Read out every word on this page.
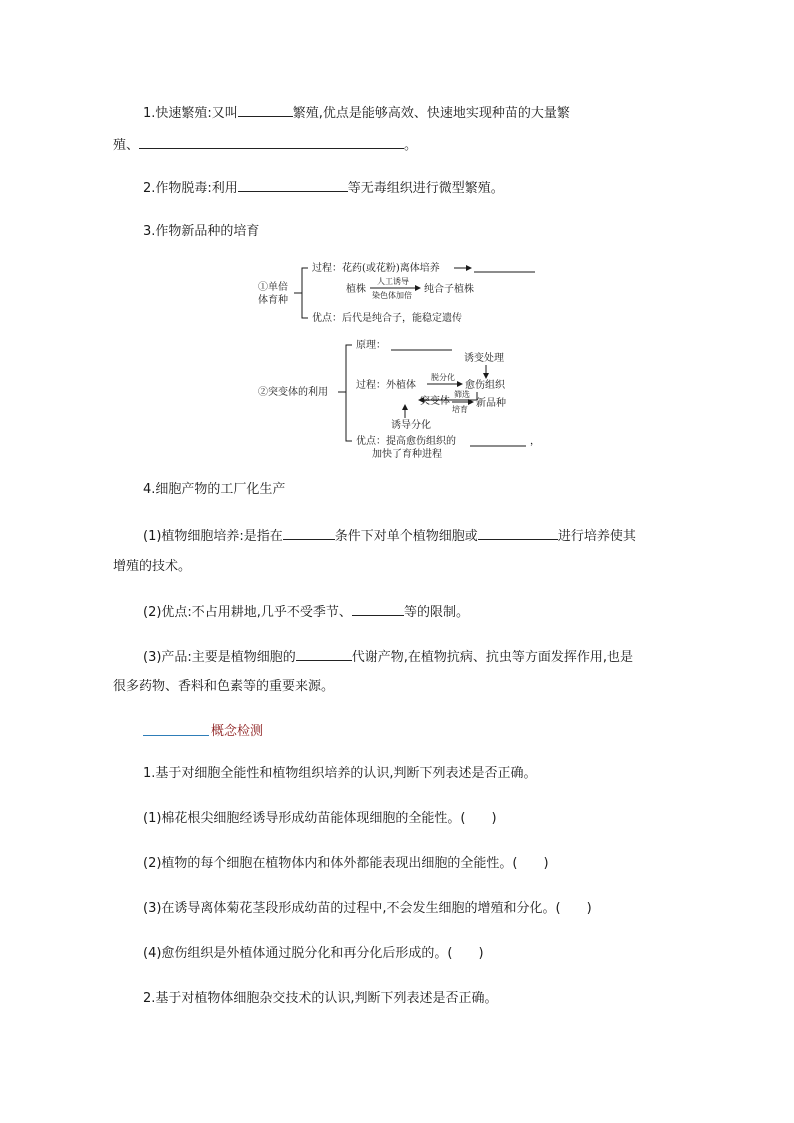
1.快速繁殖:又叫	繁殖,优点是能够高效、快速地实现种苗的大量繁
殖、	。
2.作物脱毒:利用	等无毒组织进行微型繁殖。
3.作物新品种的培育
①单倍
体育种
过程：花药(或花粉)离体培养
植株
人工诱导
染色体加倍
纯合子植株
优点：后代是纯合子，能稳定遗传
②突变体的利用
原理：
诱变处理
过程：外植体
脱分化
愈伤组织
突变体
筛选
培育
新品种
诱导分化
优点：提高愈伤组织的	，
加快了育种进程
4.细胞产物的工厂化生产
(1)植物细胞培养:是指在	条件下对单个植物细胞或	进行培养使其
增殖的技术。
(2)优点:不占用耕地,几乎不受季节、	等的限制。
(3)产品:主要是植物细胞的	代谢产物,在植物抗病、抗虫等方面发挥作用,也是
很多药物、香料和色素等的重要来源。
概念检测
1.基于对细胞全能性和植物组织培养的认识,判断下列表述是否正确。
(1)棉花根尖细胞经诱导形成幼苗能体现细胞的全能性。(　　)
(2)植物的每个细胞在植物体内和体外都能表现出细胞的全能性。(　　)
(3)在诱导离体菊花茎段形成幼苗的过程中,不会发生细胞的增殖和分化。(　　)
(4)愈伤组织是外植体通过脱分化和再分化后形成的。(　　)
2.基于对植物体细胞杂交技术的认识,判断下列表述是否正确。
